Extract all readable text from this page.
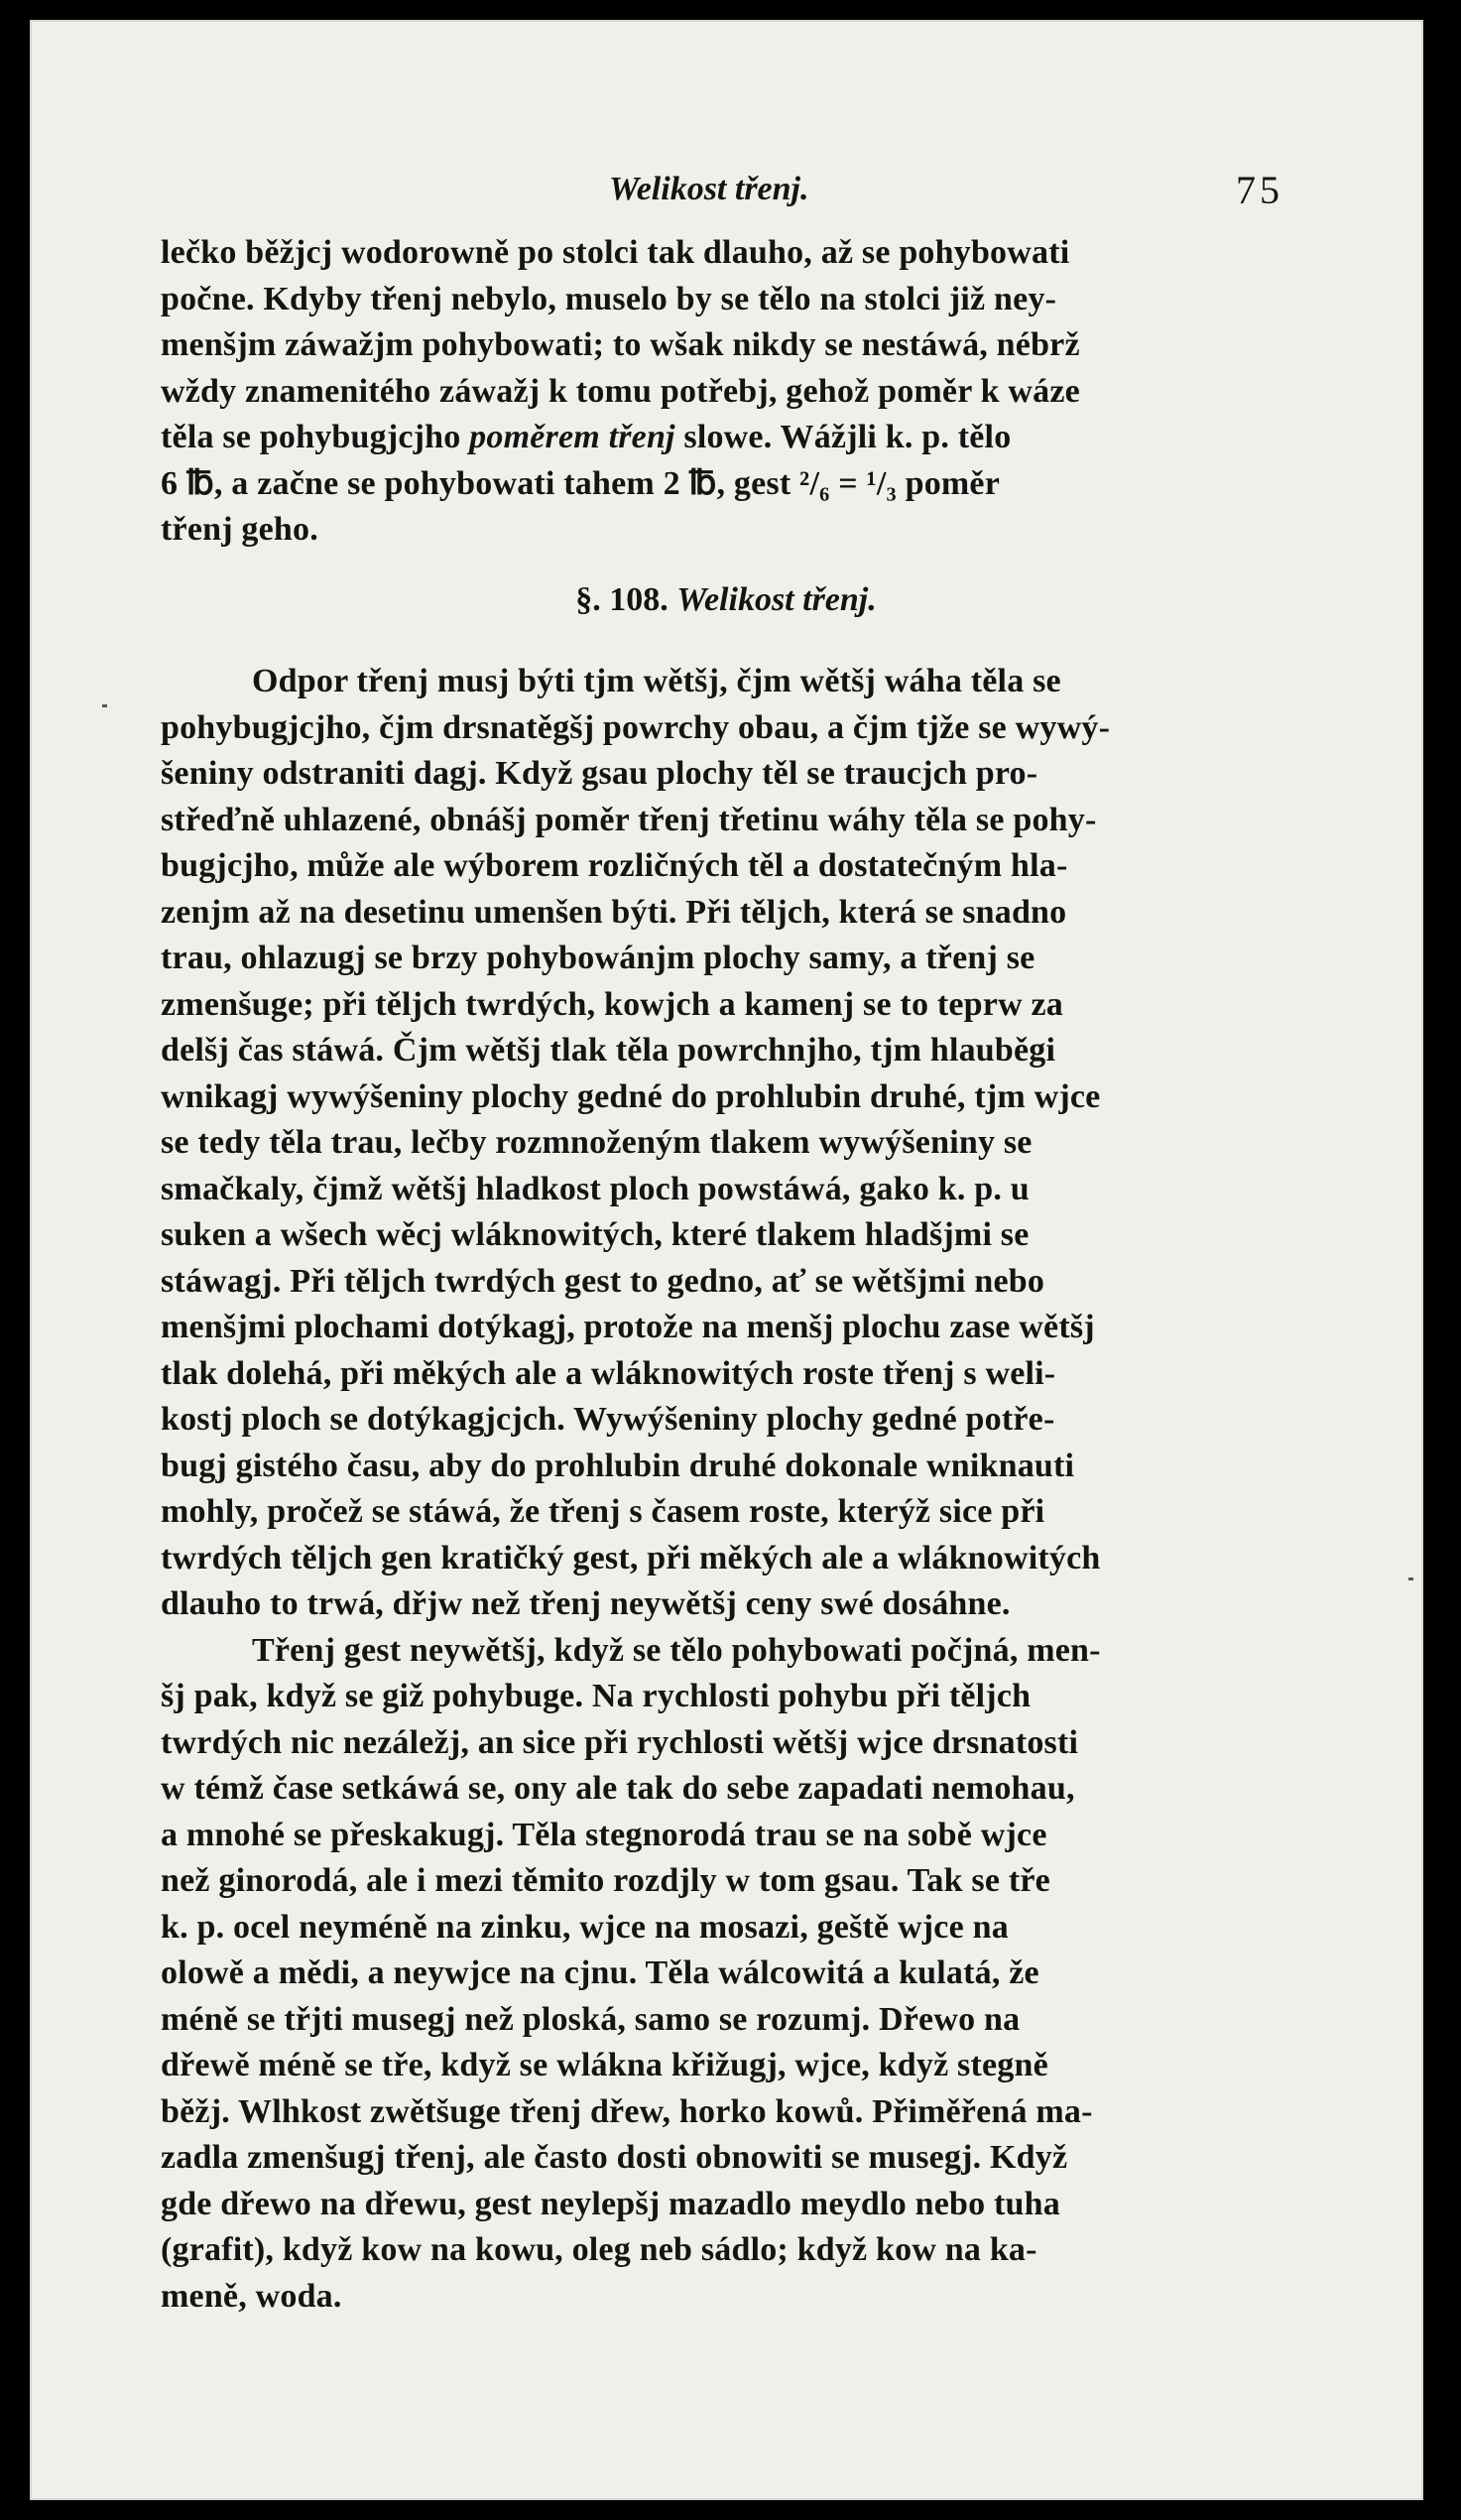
Welikost třenj.	75
lečko běžjcj wodorowně po stolci tak dlauho, až se pohybowati
počne. Kdyby třenj nebylo, muselo by se tělo na stolci již ney-
menšjm záwažjm pohybowati; to wšak nikdy se nestáwá, nébrž
wždy znamenitého záwažj k tomu potřebj, gehož poměr k wáze
těla se pohybugjcjho poměrem třenj slowe. Wážjli k. p. tělo
6 ℔, a začne se pohybowati tahem 2 ℔, gest ²/₆ = ¹/₃ poměr
třenj geho.
§. 108. Welikost třenj.
Odpor třenj musj býti tjm wětšj, čjm wětšj wáha těla se
pohybugjcjho, čjm drsnatěgšj powrchy obau, a čjm tjže se wywý-
šeniny odstraniti dagj. Když gsau plochy těl se traucjch pro-
střeďně uhlazené, obnášj poměr třenj třetinu wáhy těla se pohy-
bugjcjho, může ale wýborem rozličných těl a dostatečným hla-
zenjm až na desetinu umenšen býti. Při těljch, která se snadno
trau, ohlazugj se brzy pohybowánjm plochy samy, a třenj se
zmenšuge; při těljch twrdých, kowjch a kamenj se to teprw za
delšj čas stáwá. Čjm wětšj tlak těla powrchnjho, tjm hlauběgi
wnikagj wywýšeniny plochy gedné do prohlubin druhé, tjm wjce
se tedy těla trau, lečby rozmnoženým tlakem wywýšeniny se
smačkaly, čjmž wětšj hladkost ploch powstáwá, gako k. p. u
suken a wšech wěcj wláknowitých, které tlakem hladšjmi se
stáwagj. Při těljch twrdých gest to gedno, ať se wětšjmi nebo
menšjmi plochami dotýkagj, protože na menšj plochu zase wětšj
tlak dolehá, při měkých ale a wláknowitých roste třenj s weli-
kostj ploch se dotýkagjcjch. Wywýšeniny plochy gedné potře-
bugj gistého času, aby do prohlubin druhé dokonale wniknauti
mohly, pročež se stáwá, že třenj s časem roste, kterýž sice při
twrdých těljch gen kratičký gest, při měkých ale a wláknowitých
dlauho to trwá, dřjw než třenj neywětšj ceny swé dosáhne.
Třenj gest neywětšj, když se tělo pohybowati počjná, men-
šj pak, když se giž pohybuge. Na rychlosti pohybu při těljch
twrdých nic nezáležj, an sice při rychlosti wětšj wjce drsnatosti
w témž čase setkáwá se, ony ale tak do sebe zapadati nemohau,
a mnohé se přeskakugj. Těla stegnorodá trau se na sobě wjce
než ginorodá, ale i mezi těmito rozdjly w tom gsau. Tak se tře
k. p. ocel neyméně na zinku, wjce na mosazi, geště wjce na
olowě a mědi, a neywjce na cjnu. Těla wálcowitá a kulatá, že
méně se třjti musegj než ploská, samo se rozumj. Dřewo na
dřewě méně se tře, když se wlákna křižugj, wjce, když stegně
běžj. Wlhkost zwětšuge třenj dřew, horko kowů. Přiměřená ma-
zadla zmenšugj třenj, ale často dosti obnowiti se musegj. Když
gde dřewo na dřewu, gest neylepšj mazadlo meydlo nebo tuha
(grafit), když kow na kowu, oleg neb sádlo; když kow na ka-
meně, woda.
